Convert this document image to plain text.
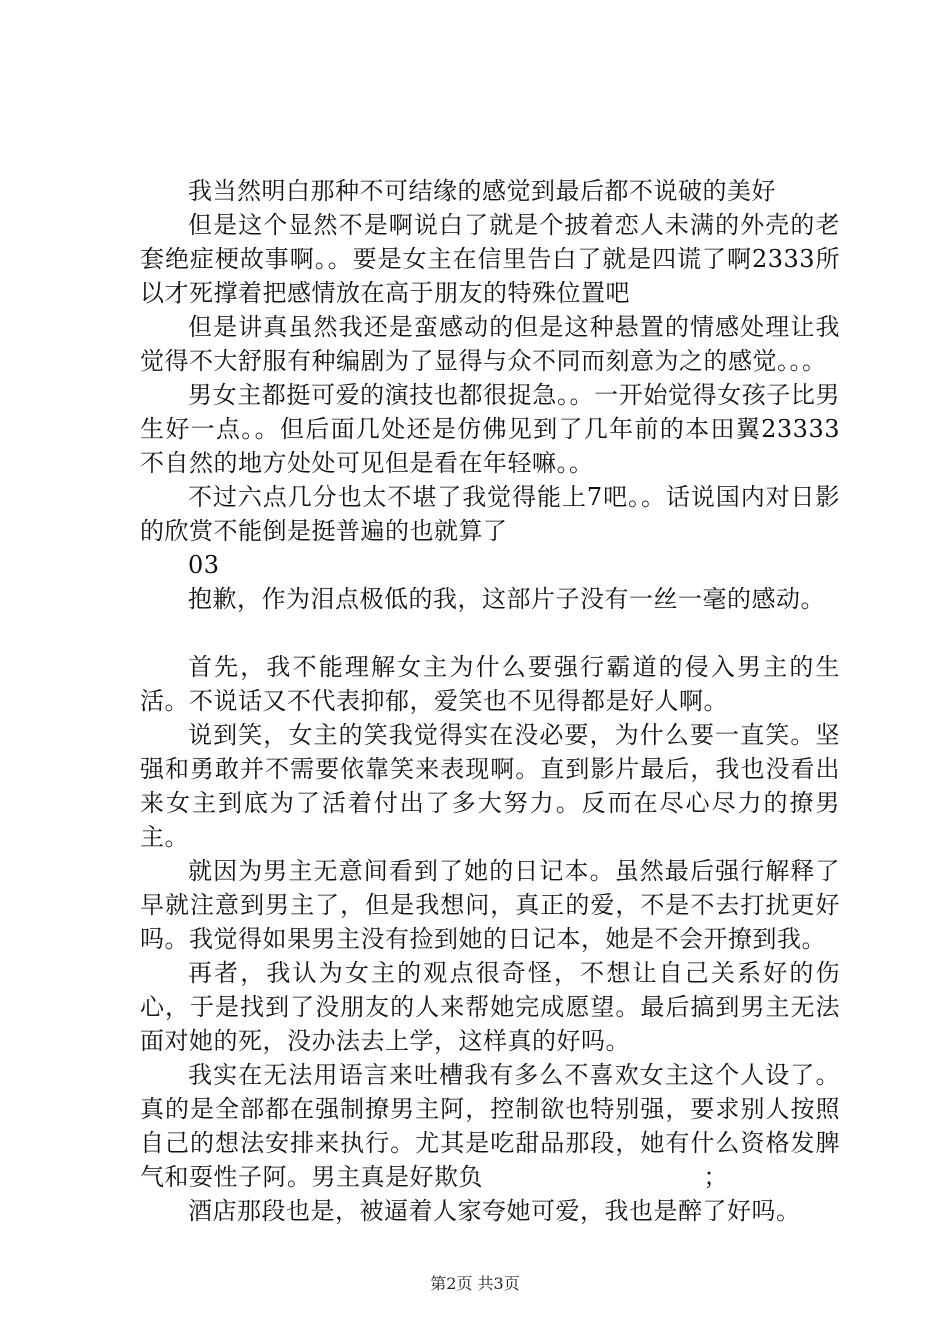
我当然明白那种不可结缘的感觉到最后都不说破的美好

但是这个显然不是啊说白了就是个披着恋人未满的外壳的老套绝症梗故事啊。。要是女主在信里告白了就是四谎了啊2333所以才死撑着把感情放在高于朋友的特殊位置吧

但是讲真虽然我还是蛮感动的但是这种悬置的情感处理让我觉得不大舒服有种编剧为了显得与众不同而刻意为之的感觉。。。

男女主都挺可爱的演技也都很捉急。。一开始觉得女孩子比男生好一点。。但后面几处还是仿佛见到了几年前的本田翼23333不自然的地方处处可见但是看在年轻嘛。。

不过六点几分也太不堪了我觉得能上7吧。。话说国内对日影的欣赏不能倒是挺普遍的也就算了

03

抱歉，作为泪点极低的我，这部片子没有一丝一毫的感动。

首先，我不能理解女主为什么要强行霸道的侵入男主的生活。不说话又不代表抑郁，爱笑也不见得都是好人啊。

说到笑，女主的笑我觉得实在没必要，为什么要一直笑。坚强和勇敢并不需要依靠笑来表现啊。直到影片最后，我也没看出来女主到底为了活着付出了多大努力。反而在尽心尽力的撩男主。

就因为男主无意间看到了她的日记本。虽然最后强行解释了早就注意到男主了，但是我想问，真正的爱，不是不去打扰更好吗。我觉得如果男主没有捡到她的日记本，她是不会开撩到我。

再者，我认为女主的观点很奇怪，不想让自己关系好的伤心，于是找到了没朋友的人来帮她完成愿望。最后搞到男主无法面对她的死，没办法去上学，这样真的好吗。

我实在无法用语言来吐槽我有多么不喜欢女主这个人设了。真的是全部都在强制撩男主阿，控制欲也特别强，要求别人按照自己的想法安排来执行。尤其是吃甜品那段，她有什么资格发脾气和耍性子阿。男主真是好欺负　　　　　　　　　；

酒店那段也是，被逼着人家夸她可爱，我也是醉了好吗。

第2页 共3页
